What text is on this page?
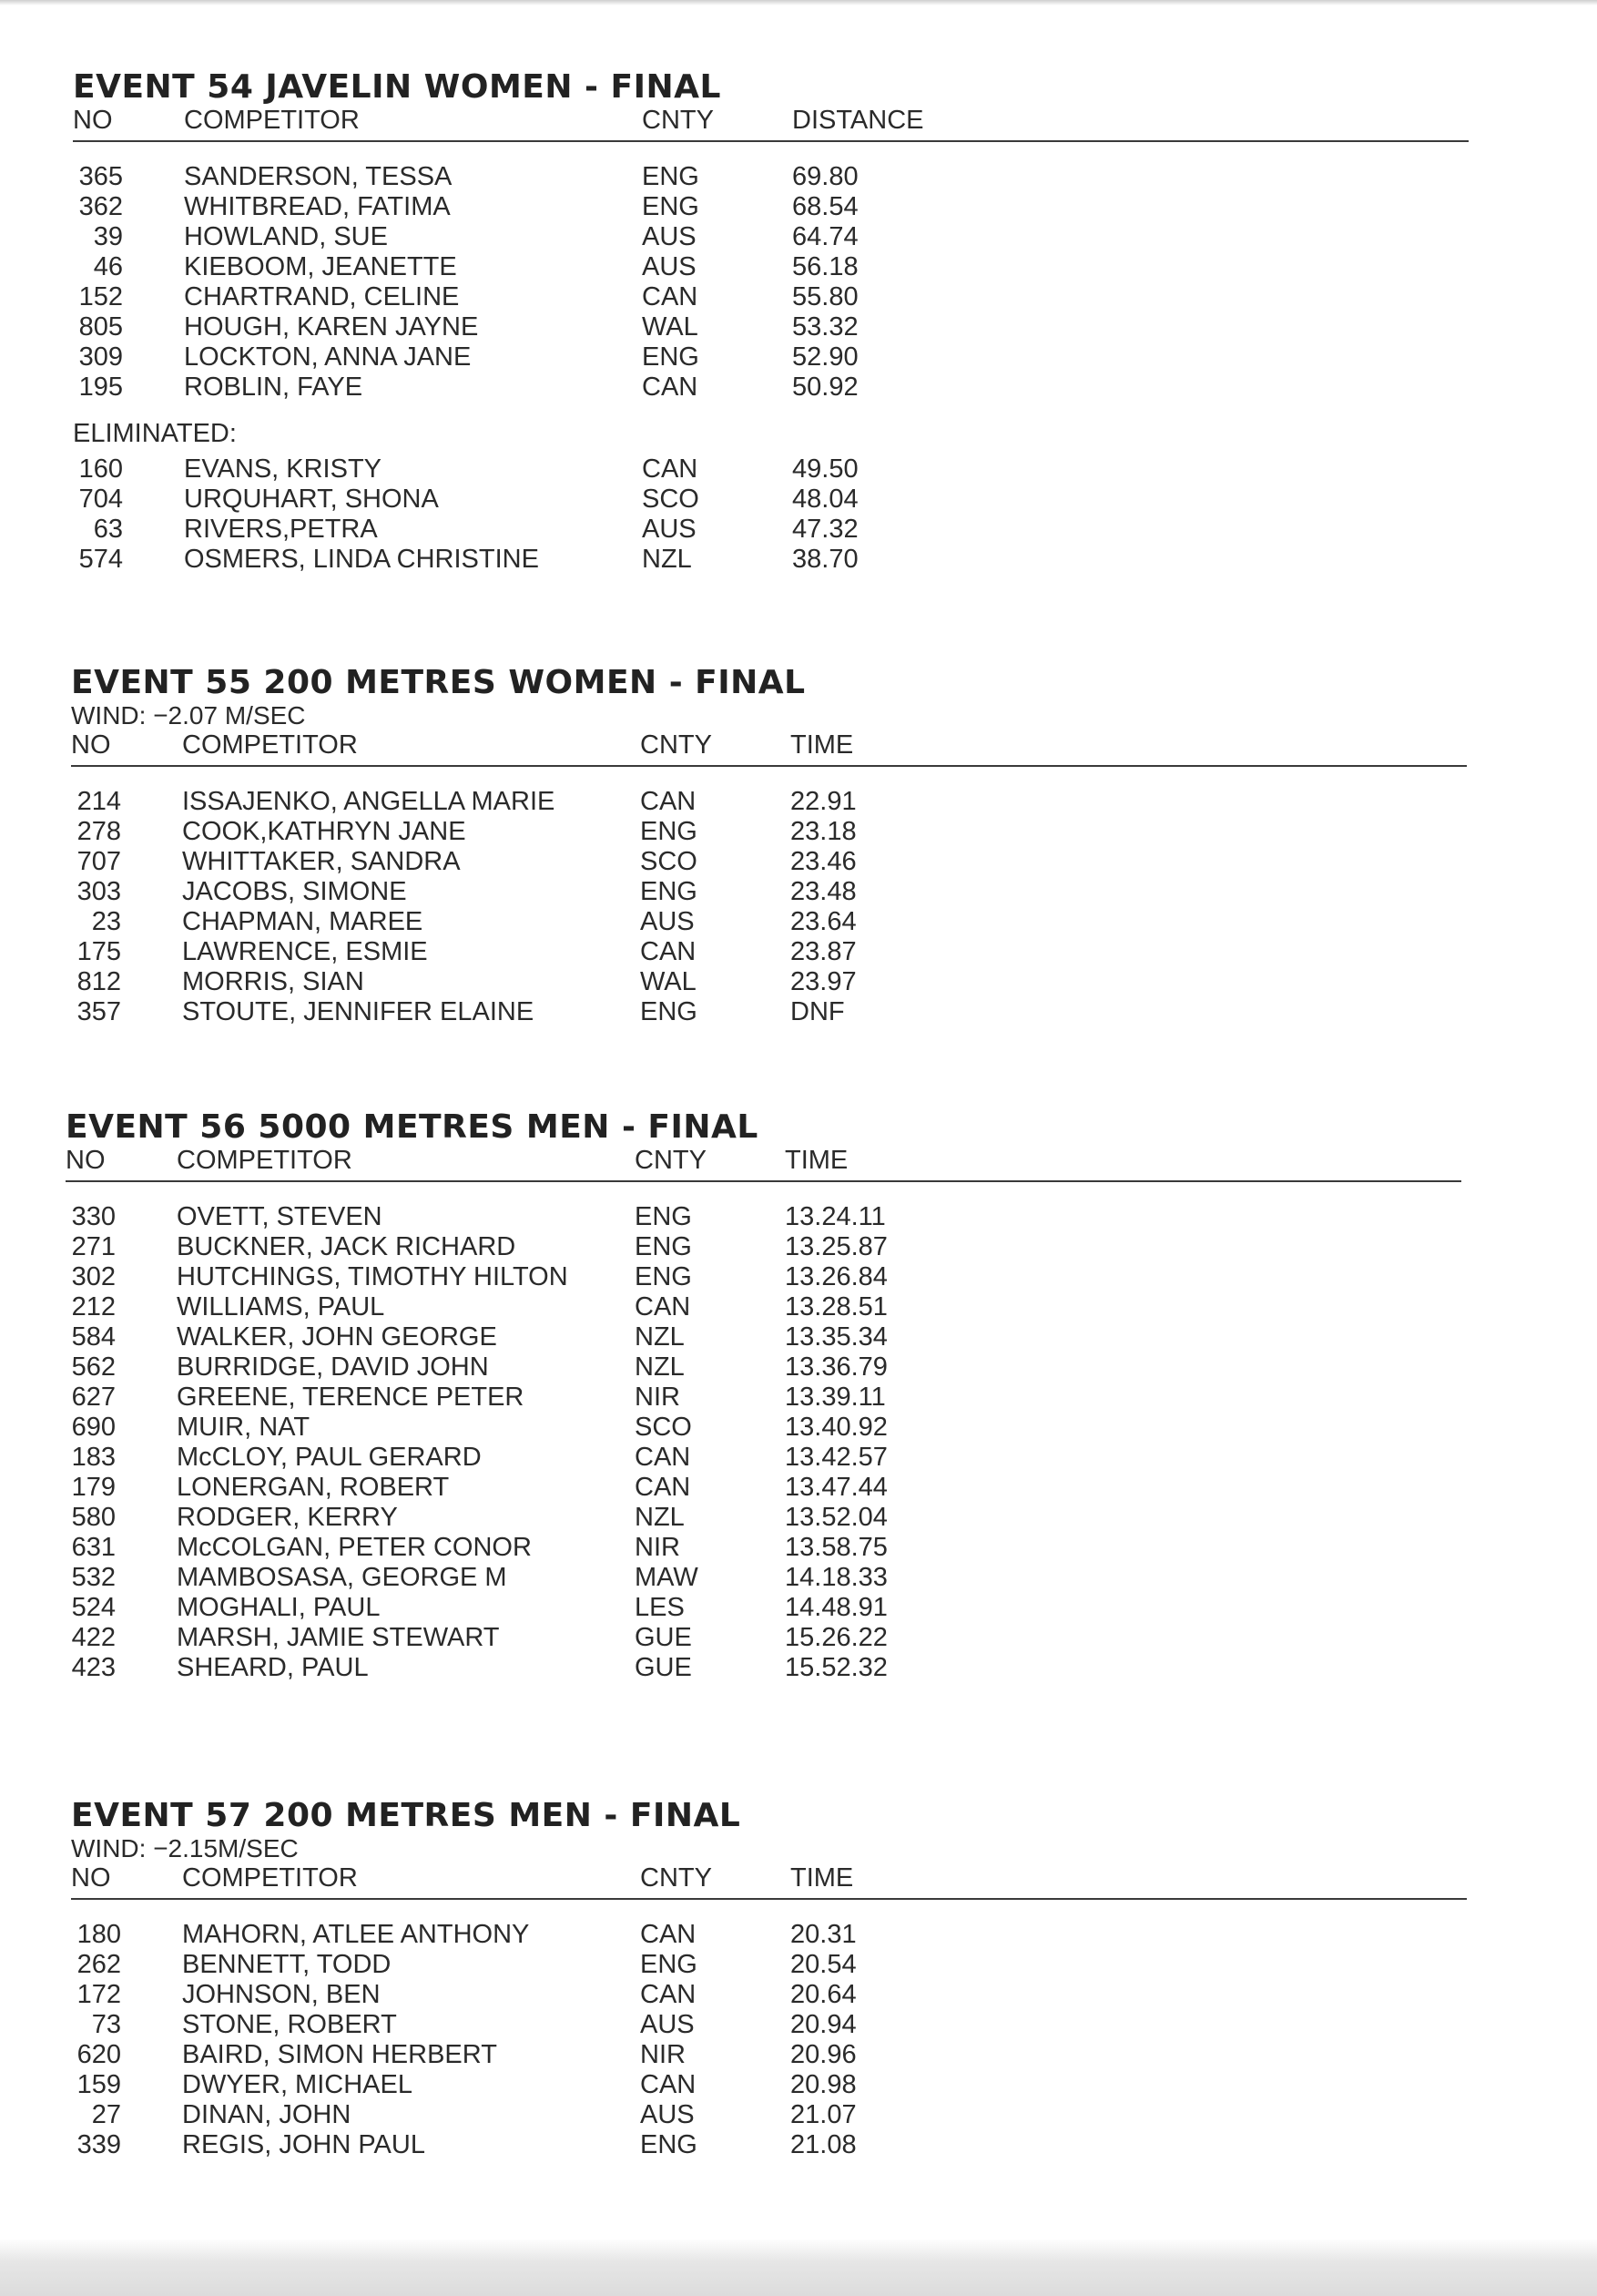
EVENT 54 JAVELIN WOMEN - FINAL
NO	COMPETITOR	CNTY	DISTANCE
365 SANDERSON, TESSA	ENG	69.80
362 WHITBREAD, FATIMA	ENG	68.54
39 HOWLAND, SUE	AUS	64.74
46 KIEBOOM, JEANETTE	AUS	56.18
152 CHARTRAND, CELINE	CAN	55.80
805 HOUGH, KAREN JAYNE	WAL	53.32
309 LOCKTON, ANNA JANE	ENG	52.90
195 ROBLIN, FAYE	CAN	50.92
ELIMINATED:
160 EVANS, KRISTY	CAN	49.50
704 URQUHART, SHONA	SCO	48.04
63 RIVERS,PETRA	AUS	47.32
574 OSMERS, LINDA CHRISTINE	NZL	38.70
EVENT 55 200 METRES WOMEN - FINAL
WIND: −2.07 M/SEC
NO	COMPETITOR	CNTY	TIME
214 ISSAJENKO, ANGELLA MARIE	CAN	22.91
278 COOK,KATHRYN JANE	ENG	23.18
707 WHITTAKER, SANDRA	SCO	23.46
303 JACOBS, SIMONE	ENG	23.48
23 CHAPMAN, MAREE	AUS	23.64
175 LAWRENCE, ESMIE	CAN	23.87
812 MORRIS, SIAN	WAL	23.97
357 STOUTE, JENNIFER ELAINE	ENG	DNF
EVENT 56 5000 METRES MEN - FINAL
NO	COMPETITOR	CNTY	TIME
330 OVETT, STEVEN	ENG	13.24.11
271 BUCKNER, JACK RICHARD	ENG	13.25.87
302 HUTCHINGS, TIMOTHY HILTON	ENG	13.26.84
212 WILLIAMS, PAUL	CAN	13.28.51
584 WALKER, JOHN GEORGE	NZL	13.35.34
562 BURRIDGE, DAVID JOHN	NZL	13.36.79
627 GREENE, TERENCE PETER	NIR	13.39.11
690 MUIR, NAT	SCO	13.40.92
183 McCLOY, PAUL GERARD	CAN	13.42.57
179 LONERGAN, ROBERT	CAN	13.47.44
580 RODGER, KERRY	NZL	13.52.04
631 McCOLGAN, PETER CONOR	NIR	13.58.75
532 MAMBOSASA, GEORGE M	MAW	14.18.33
524 MOGHALI, PAUL	LES	14.48.91
422 MARSH, JAMIE STEWART	GUE	15.26.22
423 SHEARD, PAUL	GUE	15.52.32
EVENT 57 200 METRES MEN - FINAL
WIND: −2.15M/SEC
NO	COMPETITOR	CNTY	TIME
180 MAHORN, ATLEE ANTHONY	CAN	20.31
262 BENNETT, TODD	ENG	20.54
172 JOHNSON, BEN	CAN	20.64
73 STONE, ROBERT	AUS	20.94
620 BAIRD, SIMON HERBERT	NIR	20.96
159 DWYER, MICHAEL	CAN	20.98
27 DINAN, JOHN	AUS	21.07
339 REGIS, JOHN PAUL	ENG	21.08
